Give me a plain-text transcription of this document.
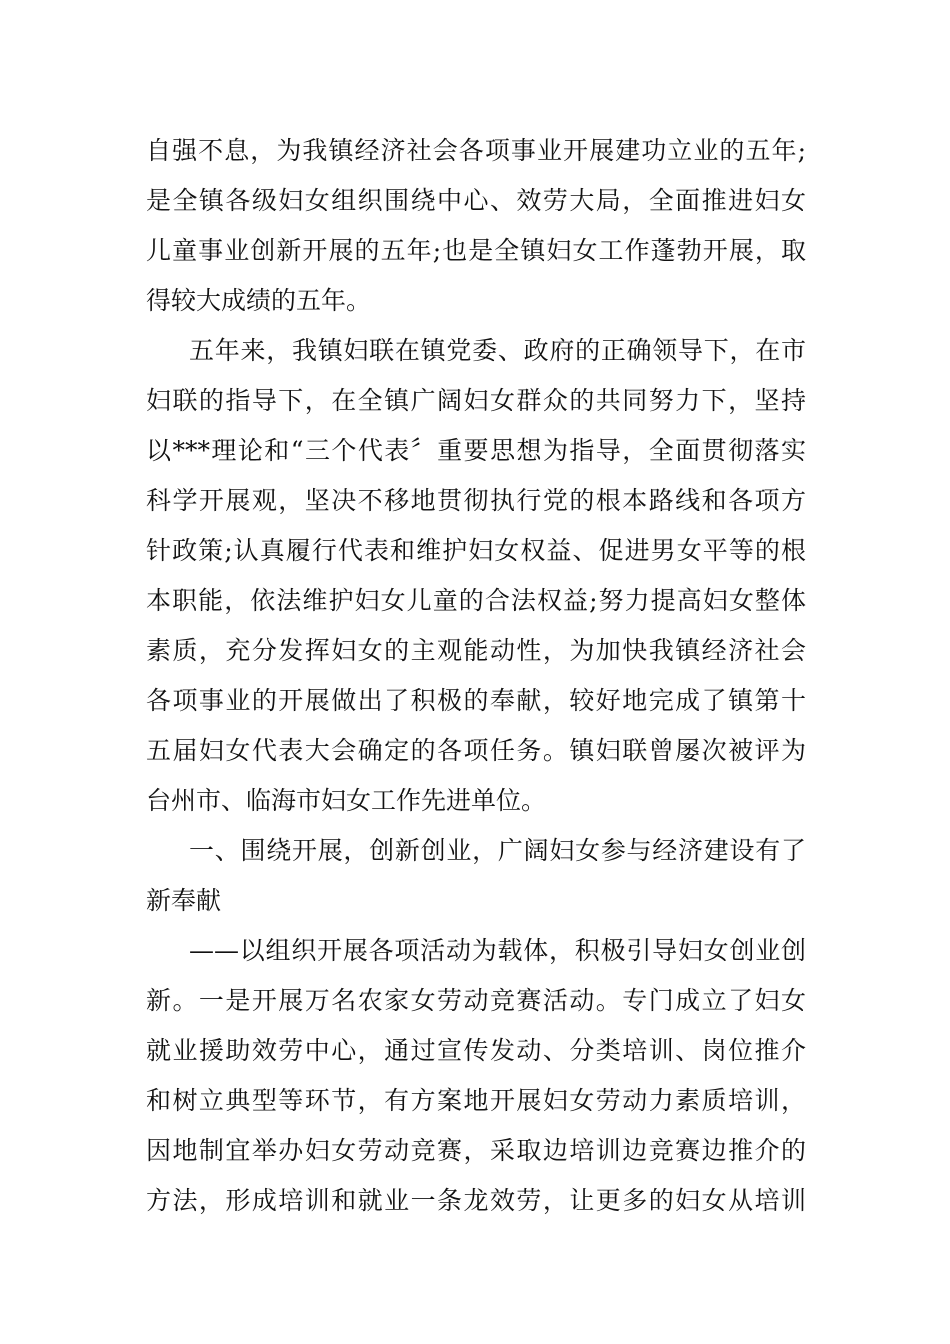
自强不息，为我镇经济社会各项事业开展建功立业的五年;
是全镇各级妇女组织围绕中心、效劳大局，全面推进妇女
儿童事业创新开展的五年;也是全镇妇女工作蓬勃开展，取
得较大成绩的五年。
五年来，我镇妇联在镇党委、政府的正确领导下，在市
妇联的指导下，在全镇广阔妇女群众的共同努力下，坚持
以***理论和“三个代表〞重要思想为指导，全面贯彻落实
科学开展观，坚决不移地贯彻执行党的根本路线和各项方
针政策;认真履行代表和维护妇女权益、促进男女平等的根
本职能，依法维护妇女儿童的合法权益;努力提高妇女整体
素质，充分发挥妇女的主观能动性，为加快我镇经济社会
各项事业的开展做出了积极的奉献，较好地完成了镇第十
五届妇女代表大会确定的各项任务。镇妇联曾屡次被评为
台州市、临海市妇女工作先进单位。
一、围绕开展，创新创业，广阔妇女参与经济建设有了
新奉献
——以组织开展各项活动为载体，积极引导妇女创业创
新。一是开展万名农家女劳动竞赛活动。专门成立了妇女
就业援助效劳中心，通过宣传发动、分类培训、岗位推介
和树立典型等环节，有方案地开展妇女劳动力素质培训，
因地制宜举办妇女劳动竞赛，采取边培训边竞赛边推介的
方法，形成培训和就业一条龙效劳，让更多的妇女从培训
